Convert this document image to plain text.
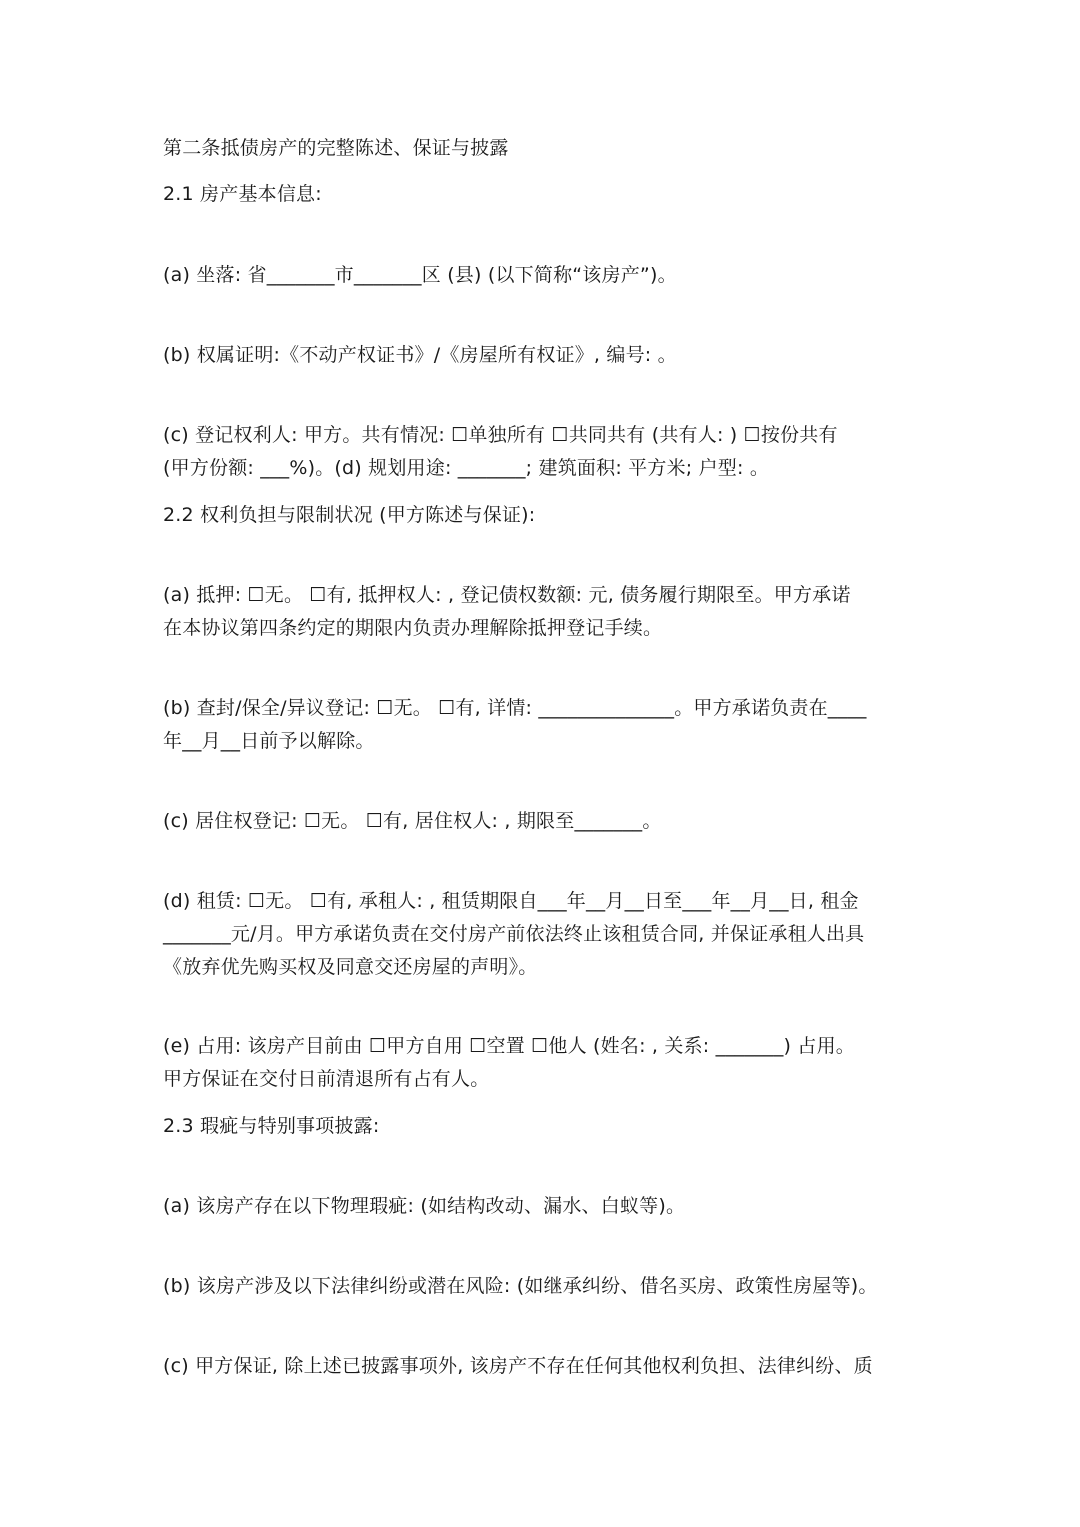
第二条抵债房产的完整陈述、保证与披露
2.1 房产基本信息:
(a) 坐落: 省_______市_______区 (县) (以下简称“该房产”)。
(b) 权属证明:《不动产权证书》/《房屋所有权证》, 编号: 。
(c) 登记权利人: 甲方。共有情况: ☐单独所有 ☐共同共有 (共有人: ) ☐按份共有
(甲方份额: ___%)。(d) 规划用途: _______; 建筑面积: 平方米; 户型: 。
2.2 权利负担与限制状况 (甲方陈述与保证):
(a) 抵押: ☐无。 ☐有, 抵押权人: , 登记债权数额: 元, 债务履行期限至。甲方承诺
在本协议第四条约定的期限内负责办理解除抵押登记手续。
(b) 查封/保全/异议登记: ☐无。 ☐有, 详情: ______________。甲方承诺负责在____
年__月__日前予以解除。
(c) 居住权登记: ☐无。 ☐有, 居住权人: , 期限至_______。
(d) 租赁: ☐无。 ☐有, 承租人: , 租赁期限自___年__月__日至___年__月__日, 租金
_______元/月。甲方承诺负责在交付房产前依法终止该租赁合同, 并保证承租人出具
《放弃优先购买权及同意交还房屋的声明》。
(e) 占用: 该房产目前由 ☐甲方自用 ☐空置 ☐他人 (姓名: , 关系: _______) 占用。
甲方保证在交付日前清退所有占有人。
2.3 瑕疵与特别事项披露:
(a) 该房产存在以下物理瑕疵: (如结构改动、漏水、白蚁等)。
(b) 该房产涉及以下法律纠纷或潜在风险: (如继承纠纷、借名买房、政策性房屋等)。
(c) 甲方保证, 除上述已披露事项外, 该房产不存在任何其他权利负担、法律纠纷、质
